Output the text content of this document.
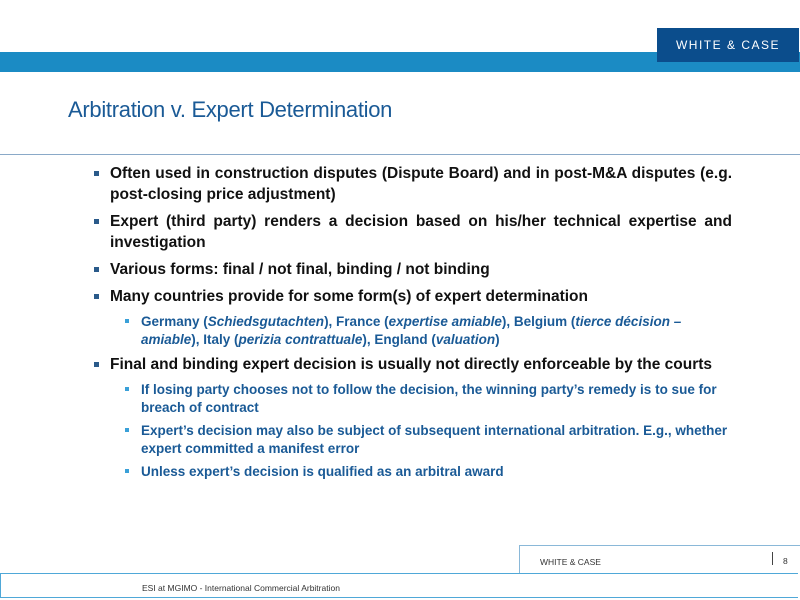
WHITE & CASE
Arbitration v. Expert Determination
Often used in construction disputes (Dispute Board) and in post-M&A disputes (e.g. post-closing price adjustment)
Expert (third party) renders a decision based on his/her technical expertise and investigation
Various forms: final / not final, binding / not binding
Many countries provide for some form(s) of expert determination
Germany (Schiedsgutachten), France (expertise amiable), Belgium (tierce décision – amiable), Italy (perizia contrattuale), England (valuation)
Final and binding expert decision is usually not directly enforceable by the courts
If losing party chooses not to follow the decision, the winning party’s remedy is to sue for breach of contract
Expert’s decision may also be subject of subsequent international arbitration. E.g., whether expert committed a manifest error
Unless expert’s decision is qualified as an arbitral award
WHITE & CASE	8
ESI at MGIMO - International Commercial Arbitration
